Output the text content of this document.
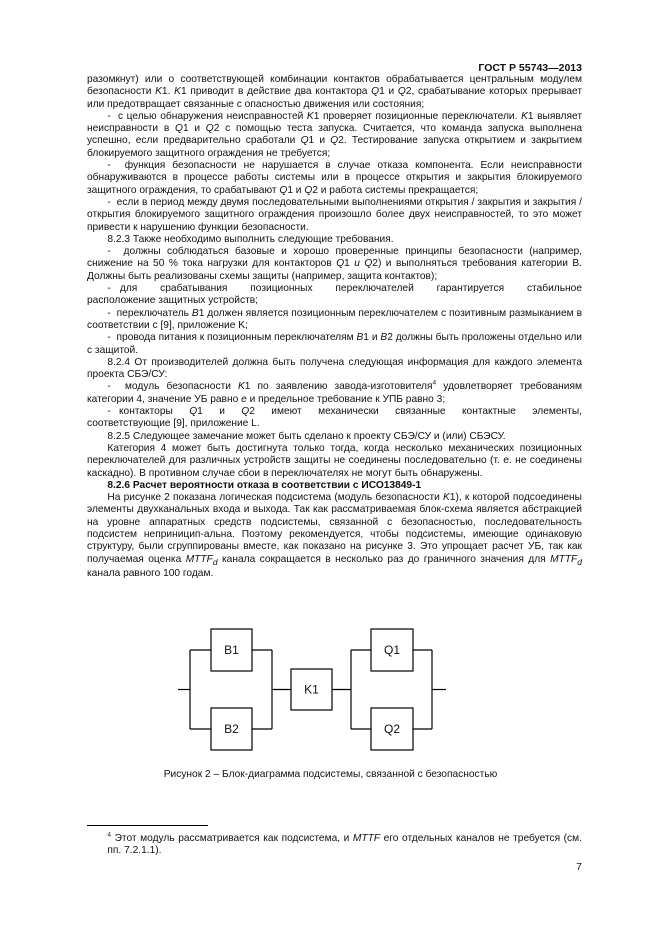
ГОСТ Р 55743—2013

разомкнут) или о соответствующей комбинации контактов обрабатывается центральным модулем безопасности K1. K1 приводит в действие два контактора Q1 и Q2, срабатывание которых прерывает или предотвращает связанные с опасностью движения или состояния;

-  с целью обнаружения неисправностей K1 проверяет позиционные переключатели. K1 выявляет неисправности в Q1 и Q2 с помощью теста запуска. Считается, что команда запуска выполнена успешно, если предварительно сработали Q1 и Q2. Тестирование запуска открытием и закрытием блокируемого защитного ограждения не требуется;

-  функция безопасности не нарушается в случае отказа компонента. Если неисправности обнаруживаются в процессе работы системы или в процессе открытия и закрытия блокируемого защитного ограждения, то срабатывают Q1 и Q2 и работа системы прекращается;

-  если в период между двумя последовательными выполнениями открытия / закрытия и закрытия / открытия блокируемого защитного ограждения произошло более двух неисправностей, то это может привести к нарушению функции безопасности.

8.2.3 Также необходимо выполнить следующие требования.

-  должны соблюдаться базовые и хорошо проверенные принципы безопасности (например, снижение на 50 % тока нагрузки для контакторов Q1 и Q2) и выполняться требования категории В. Должны быть реализованы схемы защиты (например, защита контактов);

-  для     срабатывания     позиционных     переключателей     гарантируется     стабильное расположение защитных устройств;

-  переключатель B1 должен является позиционным переключателем с позитивным размыканием в соответствии с [9], приложение K;

-  провода питания к позиционным переключателям B1 и B2 должны быть проложены отдельно или с защитой.

8.2.4 От производителей должна быть получена следующая информация для каждого элемента проекта СБЭ/СУ:

-  модуль безопасности K1 по заявлению завода-изготовителя$^4$ удовлетворяет требованиям категории 4, значение УБ равно e и предельное требование к УПБ равно 3;

-  контакторы    Q1    и    Q2    имеют    механически    связанные    контактные    элементы, соответствующие [9], приложение L.

8.2.5 Следующее замечание может быть сделано к проекту СБЭ/СУ и (или) СБЭСУ.

Категория 4 может быть достигнута только тогда, когда несколько механических позиционных переключателей для различных устройств защиты не соединены последовательно (т. е. не соединены каскадно). В противном случае сбои в переключателях не могут быть обнаружены.

8.2.6 Расчет вероятности отказа в соответствии с ИСО13849-1

На рисунке 2 показана логическая подсистема (модуль безопасности K1), к которой подсоединены элементы двухканальных входа и выхода. Так как рассматриваемая блок-схема является абстракцией на уровне аппаратных средств подсистемы, связанной с безопасностью, последовательность подсистем неприницип-альна. Поэтому рекомендуется, чтобы подсистемы, имеющие одинаковую структуру, были сгруппированы вместе, как показано на рисунке 3. Это упрощает расчет УБ, так как получаемая оценка $MTTF_d$ канала сокращается в несколько раз до граничного значения для $MTTF_d$ канала равного 100 годам.

B1
B2
K1
Q1
Q2
Рисунок 2 – Блок-диаграмма подсистемы, связанной с безопасностью
$^4$ Этот модуль рассматривается как подсистема, и MTTF его отдельных каналов не требуется (см. пп. 7.2.1.1).
7
